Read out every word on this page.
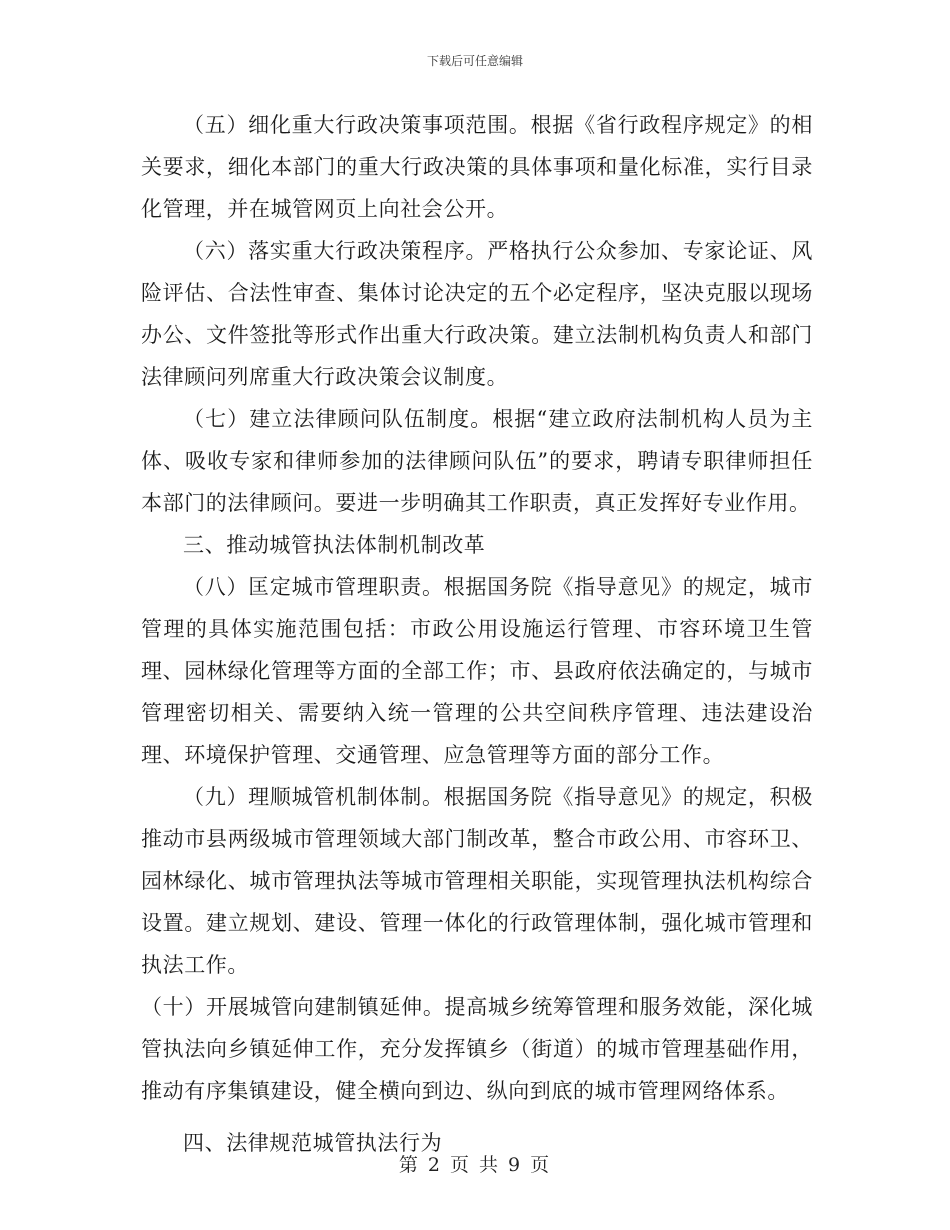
下载后可任意编辑

（五）细化重大行政决策事项范围。根据《省行政程序规定》的相关要求，细化本部门的重大行政决策的具体事项和量化标准，实行目录化管理，并在城管网页上向社会公开。

（六）落实重大行政决策程序。严格执行公众参加、专家论证、风险评估、合法性审查、集体讨论决定的五个必定程序，坚决克服以现场办公、文件签批等形式作出重大行政决策。建立法制机构负责人和部门法律顾问列席重大行政决策会议制度。

（七）建立法律顾问队伍制度。根据“建立政府法制机构人员为主体、吸收专家和律师参加的法律顾问队伍”的要求，聘请专职律师担任本部门的法律顾问。要进一步明确其工作职责，真正发挥好专业作用。

三、推动城管执法体制机制改革

（八）匡定城市管理职责。根据国务院《指导意见》的规定，城市管理的具体实施范围包括：市政公用设施运行管理、市容环境卫生管理、园林绿化管理等方面的全部工作；市、县政府依法确定的，与城市管理密切相关、需要纳入统一管理的公共空间秩序管理、违法建设治理、环境保护管理、交通管理、应急管理等方面的部分工作。

（九）理顺城管机制体制。根据国务院《指导意见》的规定，积极推动市县两级城市管理领域大部门制改革，整合市政公用、市容环卫、园林绿化、城市管理执法等城市管理相关职能，实现管理执法机构综合设置。建立规划、建设、管理一体化的行政管理体制，强化城市管理和执法工作。

（十）开展城管向建制镇延伸。提高城乡统筹管理和服务效能，深化城管执法向乡镇延伸工作，充分发挥镇乡（街道）的城市管理基础作用，推动有序集镇建设，健全横向到边、纵向到底的城市管理网络体系。

四、法律规范城管执法行为

第 2 页 共 9 页
